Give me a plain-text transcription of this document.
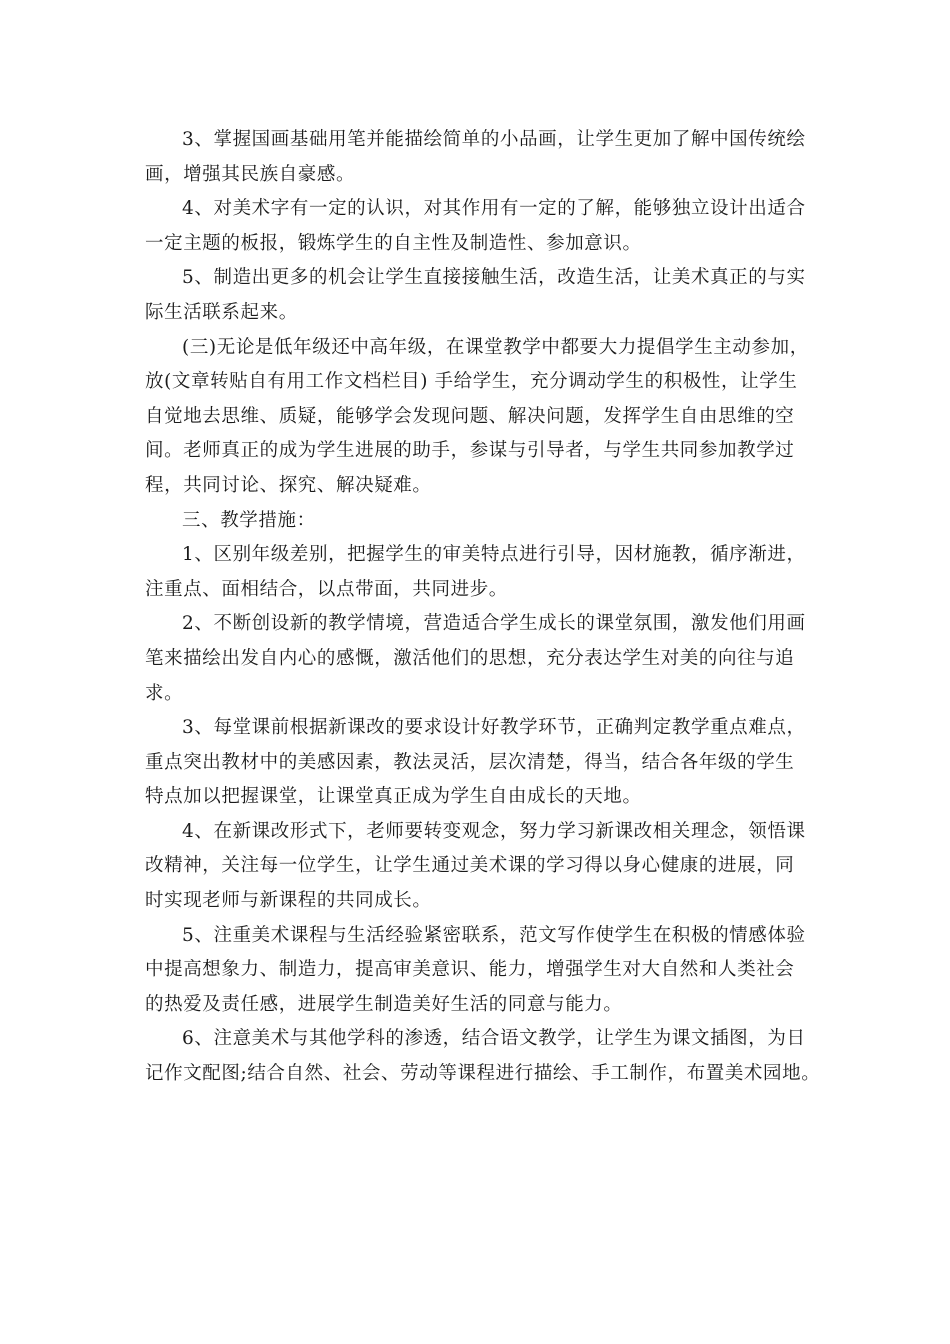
3、掌握国画基础用笔并能描绘简单的小品画，让学生更加了解中国传统绘
画，增强其民族自豪感。
4、对美术字有一定的认识，对其作用有一定的了解，能够独立设计出适合
一定主题的板报，锻炼学生的自主性及制造性、参加意识。
5、制造出更多的机会让学生直接接触生活，改造生活，让美术真正的与实
际生活联系起来。
(三)无论是低年级还中高年级，在课堂教学中都要大力提倡学生主动参加，
放(文章转贴自有用工作文档栏目) 手给学生，充分调动学生的积极性，让学生
自觉地去思维、质疑，能够学会发现问题、解决问题，发挥学生自由思维的空
间。老师真正的成为学生进展的助手，参谋与引导者，与学生共同参加教学过
程，共同讨论、探究、解决疑难。
三、教学措施：
1、区别年级差别，把握学生的审美特点进行引导，因材施教，循序渐进，
注重点、面相结合，以点带面，共同进步。
2、不断创设新的教学情境，营造适合学生成长的课堂氛围，激发他们用画
笔来描绘出发自内心的感慨，激活他们的思想，充分表达学生对美的向往与追
求。
3、每堂课前根据新课改的要求设计好教学环节，正确判定教学重点难点，
重点突出教材中的美感因素，教法灵活，层次清楚，得当，结合各年级的学生
特点加以把握课堂，让课堂真正成为学生自由成长的天地。
4、在新课改形式下，老师要转变观念，努力学习新课改相关理念，领悟课
改精神，关注每一位学生，让学生通过美术课的学习得以身心健康的进展，同
时实现老师与新课程的共同成长。
5、注重美术课程与生活经验紧密联系，范文写作使学生在积极的情感体验
中提高想象力、制造力，提高审美意识、能力，增强学生对大自然和人类社会
的热爱及责任感，进展学生制造美好生活的同意与能力。
6、注意美术与其他学科的渗透，结合语文教学，让学生为课文插图，为日
记作文配图;结合自然、社会、劳动等课程进行描绘、手工制作，布置美术园地。
